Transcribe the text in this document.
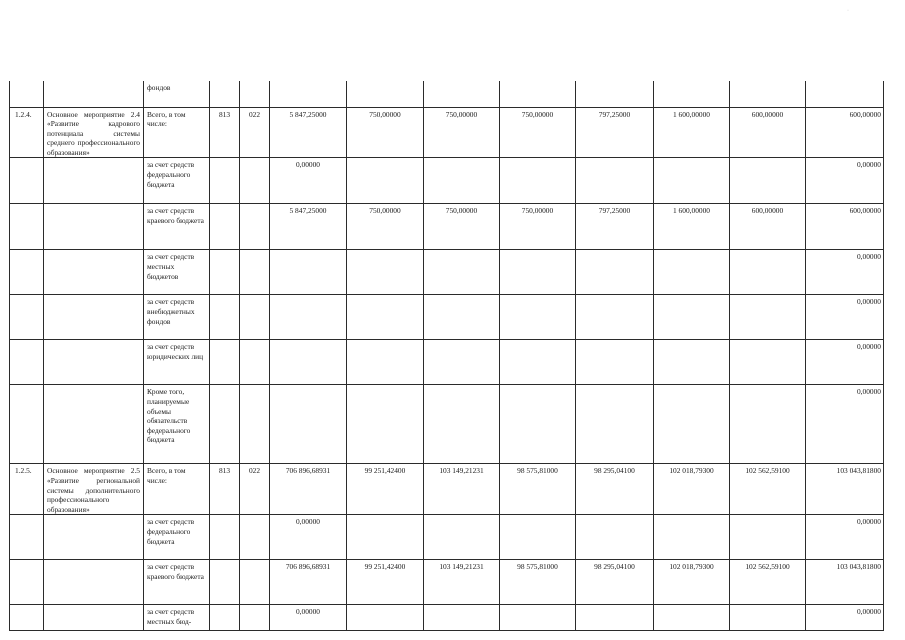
·
		фондов										
1.2.4.	Основное мероприятие 2.4 «Развитие кадрового потенциала системы среднего профессионального образования»	Всего, в том числе:	813	022	5 847,25000	750,00000	750,00000	750,00000	797,25000	1 600,00000	600,00000	600,00000
		за счет средств федерального бюджета			0,00000							0,00000
		за счет средств краевого бюджета			5 847,25000	750,00000	750,00000	750,00000	797,25000	1 600,00000	600,00000	600,00000
		за счет средств местных бюджетов										0,00000
		за счет средств внебюджетных фондов										0,00000
		за счет средств юридических лиц										0,00000
		Кроме того, планируемые объемы обязательств федерального бюджета										0,00000
1.2.5.	Основное мероприятие 2.5 «Развитие региональной системы дополнительного профессионального образования»	Всего, в том числе:	813	022	706 896,68931	99 251,42400	103 149,21231	98 575,81000	98 295,04100	102 018,79300	102 562,59100	103 043,81800
		за счет средств федерального бюджета			0,00000							0,00000
		за счет средств краевого бюджета			706 896,68931	99 251,42400	103 149,21231	98 575,81000	98 295,04100	102 018,79300	102 562,59100	103 043,81800
		за счет средств местных бюд-			0,00000							0,00000
